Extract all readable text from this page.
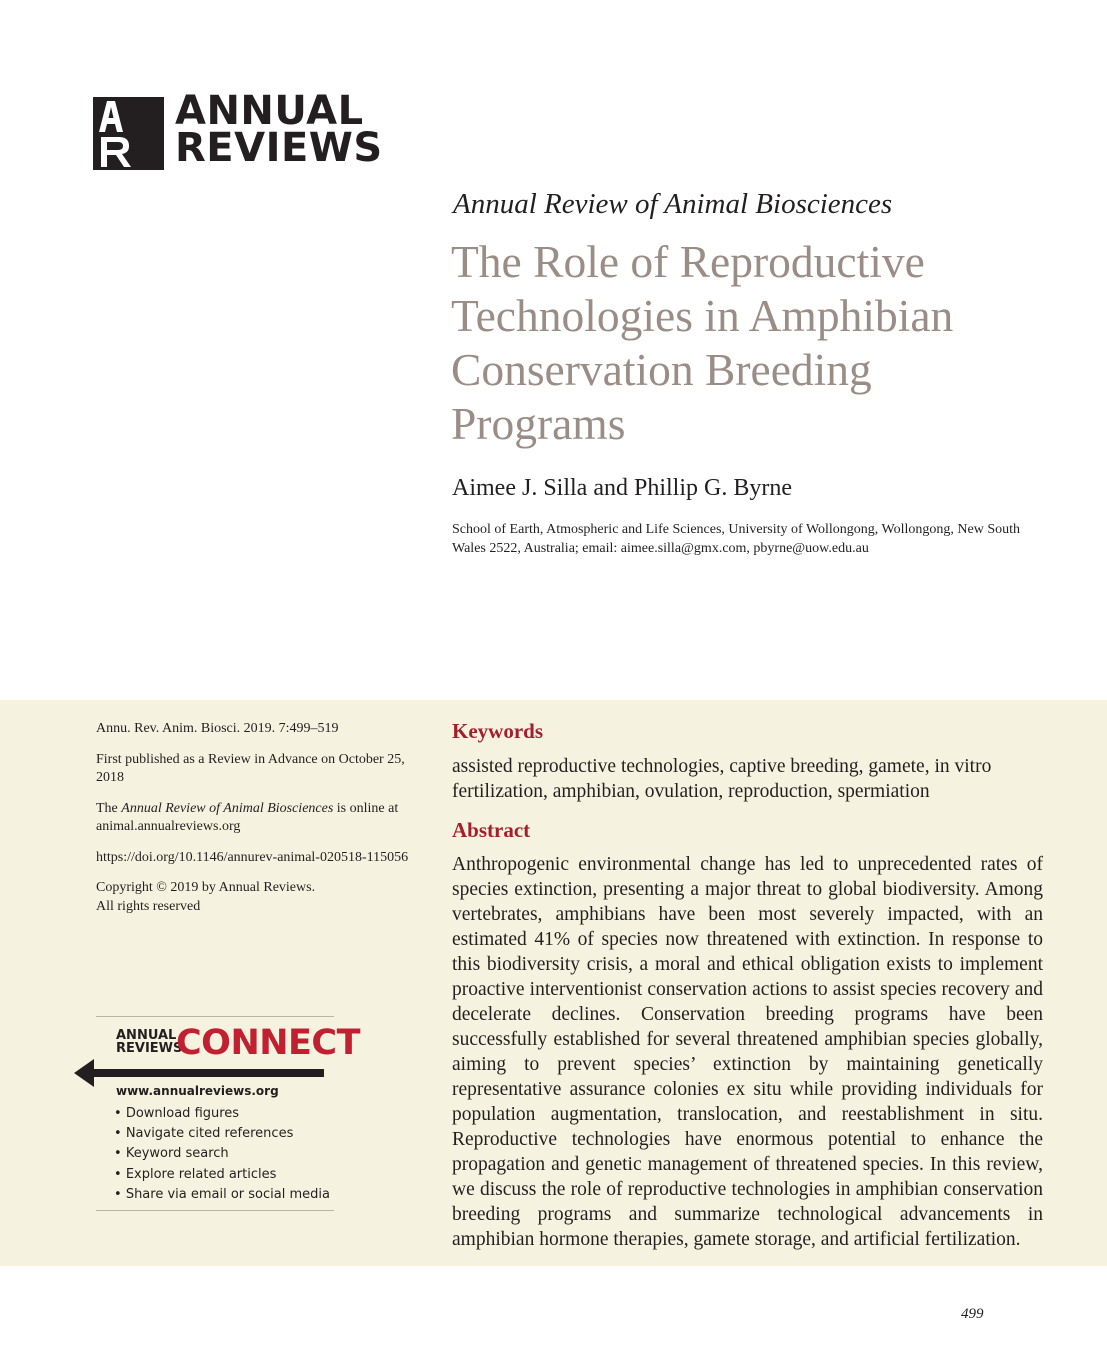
ANNUAL
REVIEWS
Annual Review of Animal Biosciences
The Role of Reproductive Technologies in Amphibian Conservation Breeding Programs
Aimee J. Silla and Phillip G. Byrne
School of Earth, Atmospheric and Life Sciences, University of Wollongong, Wollongong, New South Wales 2522, Australia; email: aimee.silla@gmx.com, pbyrne@uow.edu.au

Annu. Rev. Anim. Biosci. 2019. 7:499–519

First published as a Review in Advance on October 25, 2018

The Annual Review of Animal Biosciences is online at animal.annualreviews.org

https://doi.org/10.1146/annurev-animal-020518-115056

Copyright © 2019 by Annual Reviews.
All rights reserved

ANNUAL
REVIEWS
CONNECT
www.annualreviews.org
• Download figures
• Navigate cited references
• Keyword search
• Explore related articles
• Share via email or social media
Keywords
assisted reproductive technologies, captive breeding, gamete, in vitro fertilization, amphibian, ovulation, reproduction, spermiation
Abstract
Anthropogenic environmental change has led to unprecedented rates of species extinction, presenting a major threat to global biodiversity. Among vertebrates, amphibians have been most severely impacted, with an estimated 41% of species now threatened with extinction. In response to this biodiversity crisis, a moral and ethical obligation exists to implement proactive interventionist conservation actions to assist species recovery and decelerate declines. Conservation breeding programs have been successfully established for several threatened amphibian species globally, aiming to prevent species’ extinction by maintaining genetically representative assurance colonies ex situ while providing individuals for population augmentation, translocation, and reestablishment in situ. Reproductive technologies have enormous potential to enhance the propagation and genetic management of threatened species. In this review, we discuss the role of reproductive technologies in amphibian conservation breeding programs and summarize technological advancements in amphibian hormone therapies, gamete storage, and artificial fertilization.
499
